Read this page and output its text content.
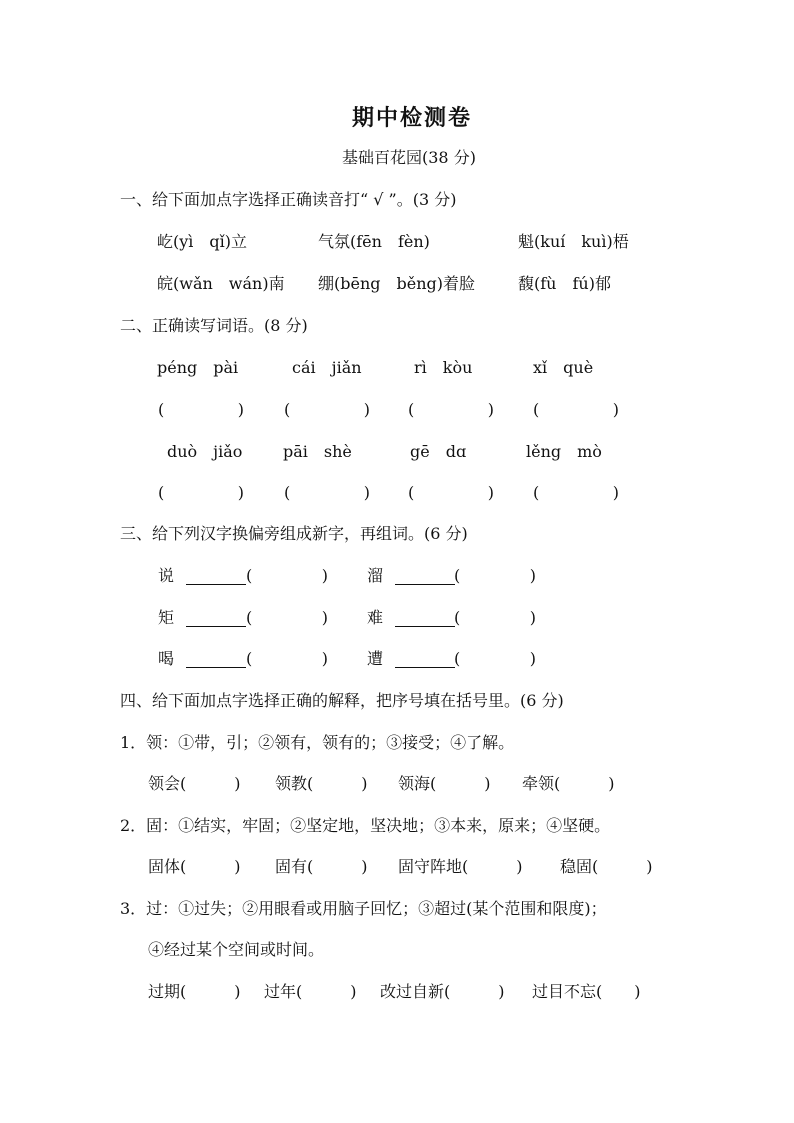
期中检测卷
基础百花园(38 分)
一、给下面加点字选择正确读音打“ √ ”。(3 分)
屹(yì　qǐ)立	气氛(fēn　fèn)	魁(kuí　kuì)梧
皖(wǎn　wán)南 绷(bēng　běng)着脸	馥(fù　fú)郁
二、正确读写词语。(8 分)
péng　pài	cái　jiǎn	rì　kòu	xǐ　què
(	)	(	) (	) (	)
duò　jiǎo	pāi　shè	gē　dɑ	lěng　mò
(	)	(	) (	) (	)
三、给下列汉字换偏旁组成新字，再组词。(6 分)
说	(	) 溜	(	)
矩	(	) 难	(	)
喝	(	) 遭	(	)
四、给下面加点字选择正确的解释，把序号填在括号里。(6 分)
1．领：①带，引；②领有，领有的；③接受；④了解。
领会(　　　) 领教(　　　) 领海(　　　) 牵领(　　　)
2．固：①结实，牢固；②坚定地，坚决地；③本来，原来；④坚硬。
固体(　　　) 固有(　　　) 固守阵地(　　　) 稳固(　　　)
3．过：①过失；②用眼看或用脑子回忆；③超过(某个范围和限度)；
④经过某个空间或时间。
过期(　　　) 过年(　　　) 改过自新(　　　) 过目不忘(　　)
